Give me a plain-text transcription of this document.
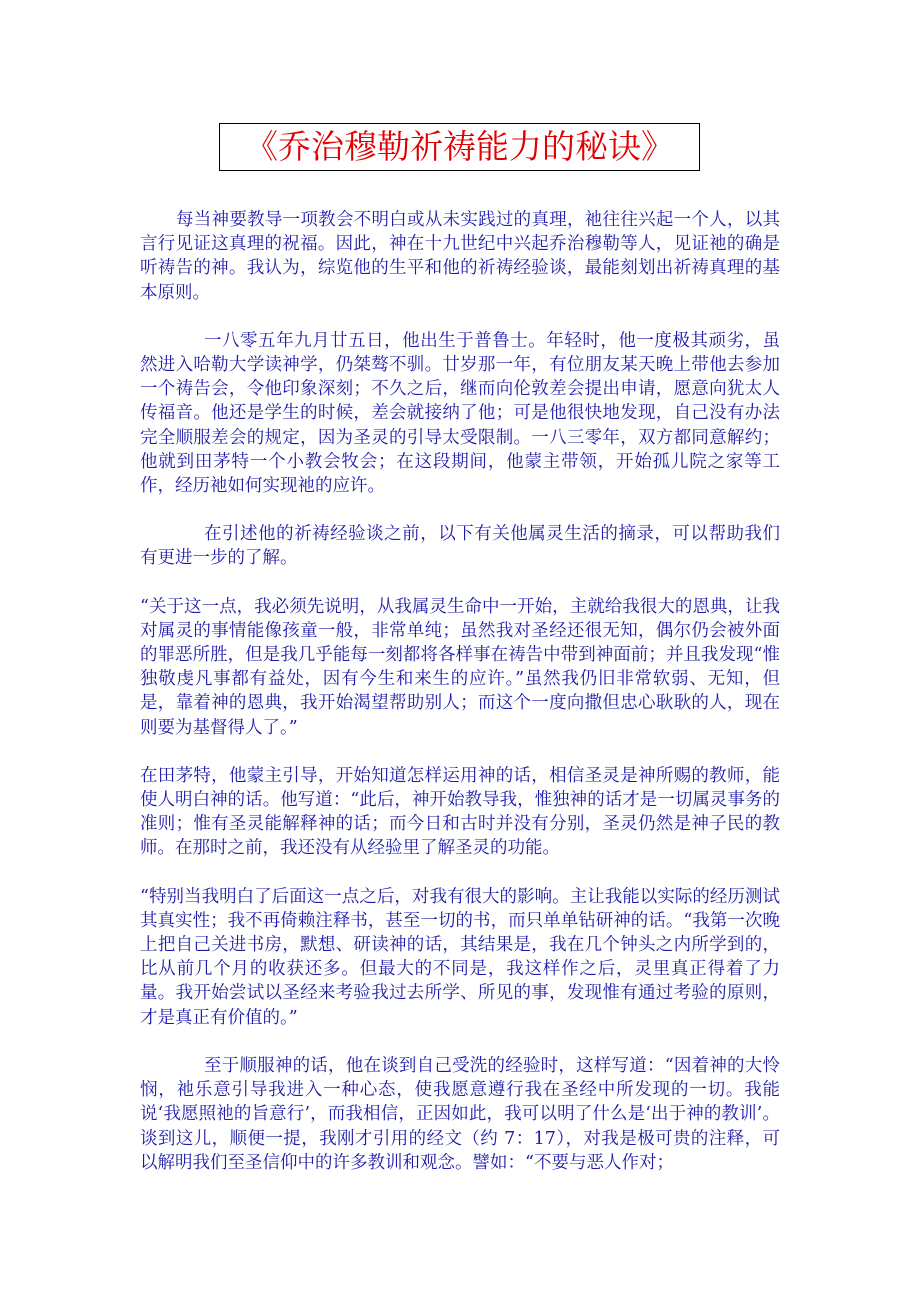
《乔治穆勒祈祷能力的秘诀》

每当神要教导一项教会不明白或从未实践过的真理，祂往往兴起一个人，以其言行见证这真理的祝福。因此，神在十九世纪中兴起乔治穆勒等人，见证祂的确是听祷告的神。我认为，综览他的生平和他的祈祷经验谈，最能刻划出祈祷真理的基本原则。

一八零五年九月廿五日，他出生于普鲁士。年轻时，他一度极其顽劣，虽然进入哈勒大学读神学，仍桀骜不驯。廿岁那一年，有位朋友某天晚上带他去参加一个祷告会，令他印象深刻；不久之后，继而向伦敦差会提出申请，愿意向犹太人传福音。他还是学生的时候，差会就接纳了他；可是他很快地发现，自己没有办法完全顺服差会的规定，因为圣灵的引导太受限制。一八三零年，双方都同意解约；他就到田茅特一个小教会牧会；在这段期间，他蒙主带领，开始孤儿院之家等工作，经历祂如何实现祂的应许。

在引述他的祈祷经验谈之前，以下有关他属灵生活的摘录，可以帮助我们有更进一步的了解。

“关于这一点，我必须先说明，从我属灵生命中一开始，主就给我很大的恩典，让我对属灵的事情能像孩童一般，非常单纯；虽然我对圣经还很无知，偶尔仍会被外面的罪恶所胜，但是我几乎能每一刻都将各样事在祷告中带到神面前；并且我发现“惟独敬虔凡事都有益处，因有今生和来生的应许。”虽然我仍旧非常软弱、无知，但是，靠着神的恩典，我开始渴望帮助别人；而这个一度向撒但忠心耿耿的人，现在则要为基督得人了。”

在田茅特，他蒙主引导，开始知道怎样运用神的话，相信圣灵是神所赐的教师，能使人明白神的话。他写道：“此后，神开始教导我，惟独神的话才是一切属灵事务的准则；惟有圣灵能解释神的话；而今日和古时并没有分别，圣灵仍然是神子民的教师。在那时之前，我还没有从经验里了解圣灵的功能。

“特别当我明白了后面这一点之后，对我有很大的影响。主让我能以实际的经历测试其真实性；我不再倚赖注释书，甚至一切的书，而只单单钻研神的话。“我第一次晚上把自己关进书房，默想、研读神的话，其结果是，我在几个钟头之内所学到的，比从前几个月的收获还多。但最大的不同是，我这样作之后，灵里真正得着了力量。我开始尝试以圣经来考验我过去所学、所见的事，发现惟有通过考验的原则，才是真正有价值的。”

至于顺服神的话，他在谈到自己受洗的经验时，这样写道：“因着神的大怜悯，祂乐意引导我进入一种心态，使我愿意遵行我在圣经中所发现的一切。我能说‘我愿照祂的旨意行’，而我相信，正因如此，我可以明了什么是‘出于神的教训’。谈到这儿，顺便一提，我刚才引用的经文（约 7：17），对我是极可贵的注释，可以解明我们至圣信仰中的许多教训和观念。譬如：“不要与恶人作对；
